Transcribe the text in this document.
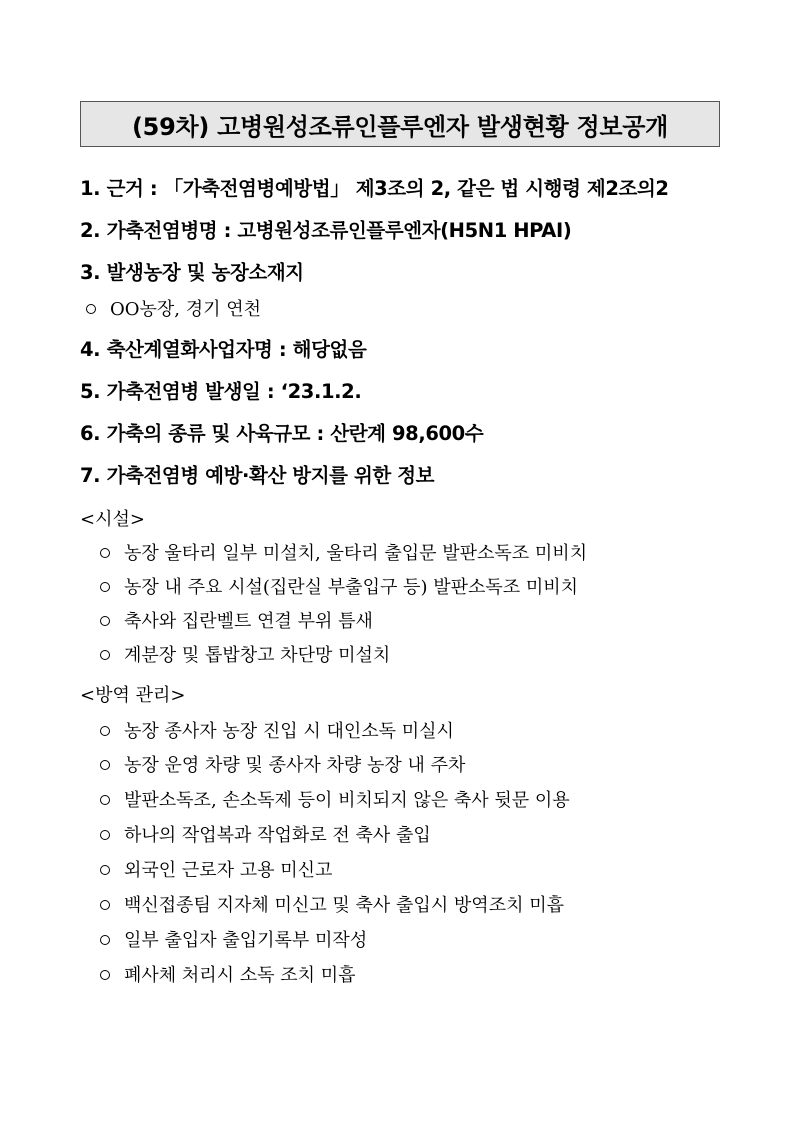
(59차) 고병원성조류인플루엔자 발생현황 정보공개
1. 근거 : 「가축전염병예방법」 제3조의 2, 같은 법 시행령 제2조의2
2. 가축전염병명 : 고병원성조류인플루엔자(H5N1 HPAI)
3. 발생농장 및 농장소재지
OO농장, 경기 연천
4. 축산계열화사업자명 : 해당없음
5. 가축전염병 발생일 : ‘23.1.2.
6. 가축의 종류 및 사육규모 : 산란계 98,600수
7. 가축전염병 예방·확산 방지를 위한 정보
<시설>
농장 울타리 일부 미설치, 울타리 출입문 발판소독조 미비치
농장 내 주요 시설(집란실 부출입구 등) 발판소독조 미비치
축사와 집란벨트 연결 부위 틈새
계분장 및 톱밥창고 차단망 미설치
<방역 관리>
농장 종사자 농장 진입 시 대인소독 미실시
농장 운영 차량 및 종사자 차량 농장 내 주차
발판소독조, 손소독제 등이 비치되지 않은 축사 뒷문 이용
하나의 작업복과 작업화로 전 축사 출입
외국인 근로자 고용 미신고
백신접종팀 지자체 미신고 및 축사 출입시 방역조치 미흡
일부 출입자 출입기록부 미작성
폐사체 처리시 소독 조치 미흡
